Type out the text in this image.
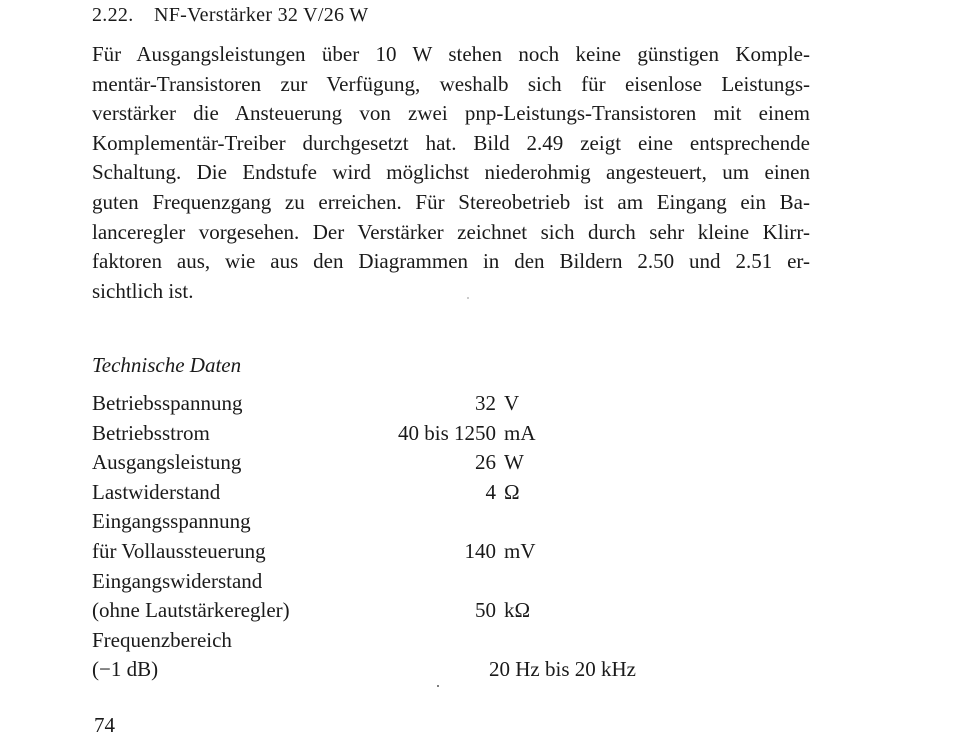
2.22. NF-Verstärker 32 V/26 W
Für Ausgangsleistungen über 10 W stehen noch keine günstigen Komple-
mentär-Transistoren zur Verfügung, weshalb sich für eisenlose Leistungs-
verstärker die Ansteuerung von zwei pnp-Leistungs-Transistoren mit einem
Komplementär-Treiber durchgesetzt hat. Bild 2.49 zeigt eine entsprechende
Schaltung. Die Endstufe wird möglichst niederohmig angesteuert, um einen
guten Frequenzgang zu erreichen. Für Stereobetrieb ist am Eingang ein Ba-
lanceregler vorgesehen. Der Verstärker zeichnet sich durch sehr kleine Klirr-
faktoren aus, wie aus den Diagrammen in den Bildern 2.50 und 2.51 er-
sichtlich ist.
Technische Daten
Betriebsspannung	32 V
Betriebsstrom	40 bis 1250 mA
Ausgangsleistung	26 W
Lastwiderstand	4 Ω
Eingangsspannung
für Vollaussteuerung	140 mV
Eingangswiderstand
(ohne Lautstärkeregler)	50 kΩ
Frequenzbereich
(−1 dB)	20 Hz bis 20 kHz
74
